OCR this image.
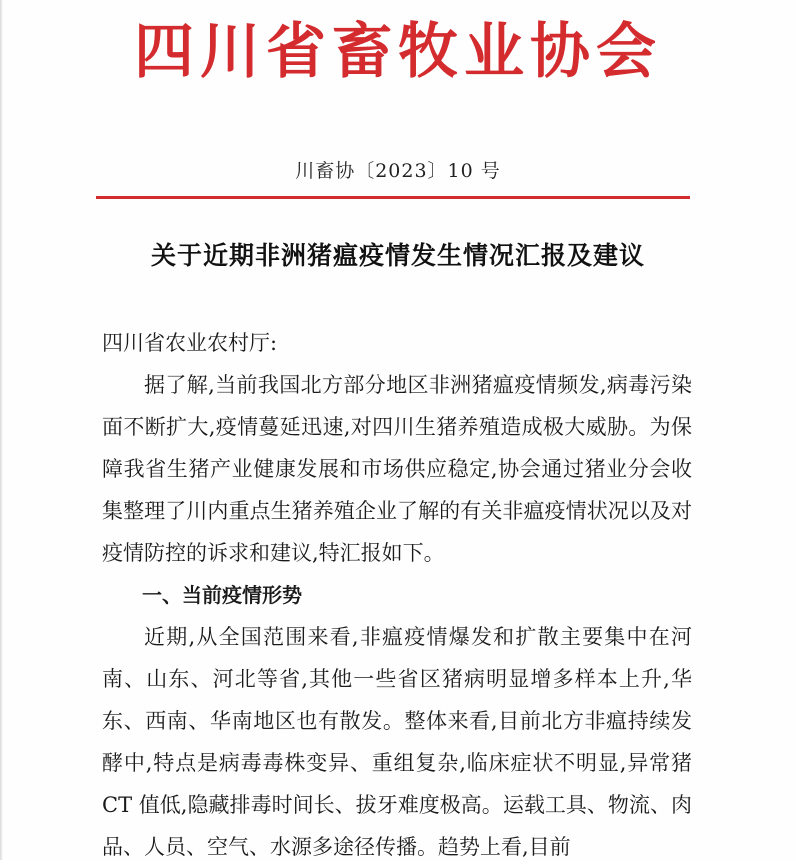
四川省畜牧业协会
川畜协〔2023〕10 号
关于近期非洲猪瘟疫情发生情况汇报及建议

四川省农业农村厅:

据了解,当前我国北方部分地区非洲猪瘟疫情频发,病毒污染面不断扩大,疫情蔓延迅速,对四川生猪养殖造成极大威胁。为保障我省生猪产业健康发展和市场供应稳定,协会通过猪业分会收集整理了川内重点生猪养殖企业了解的有关非瘟疫情状况以及对疫情防控的诉求和建议,特汇报如下。

一、当前疫情形势

近期,从全国范围来看,非瘟疫情爆发和扩散主要集中在河南、山东、河北等省,其他一些省区猪病明显增多样本上升,华东、西南、华南地区也有散发。整体来看,目前北方非瘟持续发酵中,特点是病毒毒株变异、重组复杂,临床症状不明显,异常猪 CT 值低,隐藏排毒时间长、拔牙难度极高。运载工具、物流、肉品、人员、空气、水源多途径传播。趋势上看,目前
